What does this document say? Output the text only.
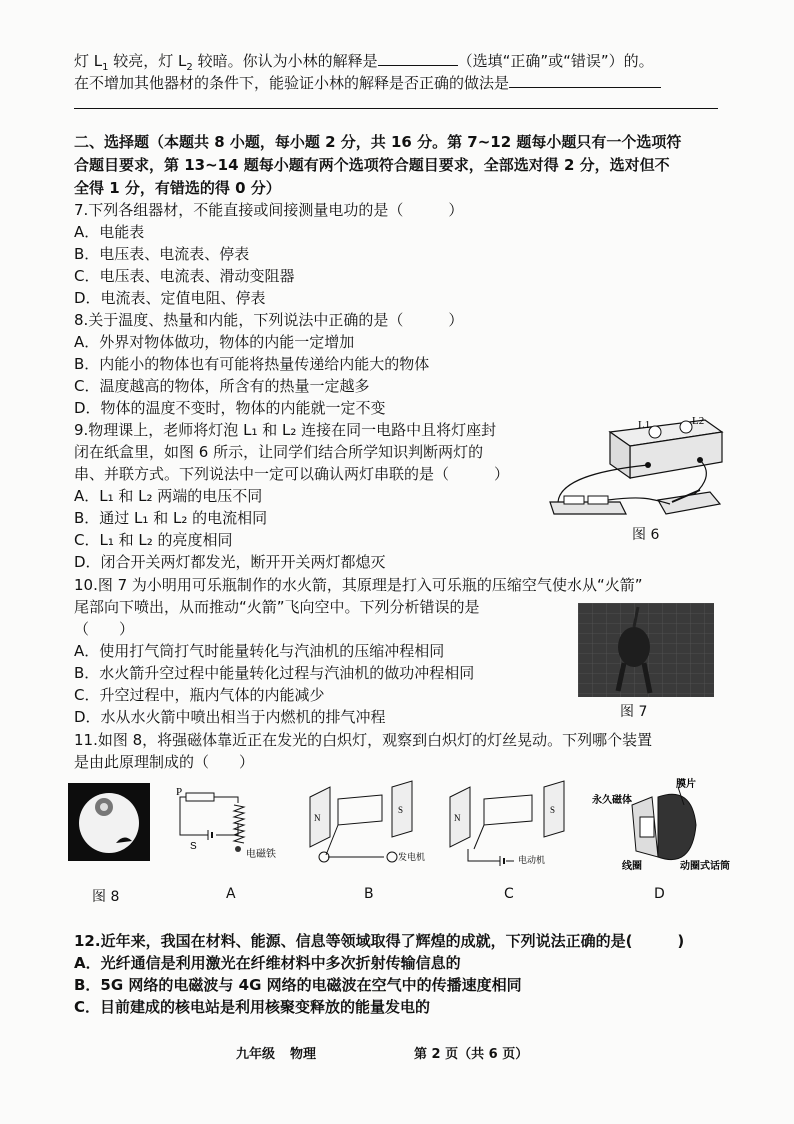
灯 $L_1$ 较亮，灯 $L_2$ 较暗。你认为小林的解释是	（选填“正确”或“错误”）的。
在不增加其他器材的条件下，能验证小林的解释是否正确的做法是
二、选择题（本题共 8 小题，每小题 2 分，共 16 分。第 7~12 题每小题只有一个选项符
合题目要求，第 13~14 题每小题有两个选项符合题目要求，全部选对得 2 分，选对但不
全得 1 分，有错选的得 0 分）
7.下列各组器材，不能直接或间接测量电功的是（　　　）
A．电能表
B．电压表、电流表、停表
C．电压表、电流表、滑动变阻器
D．电流表、定值电阻、停表
8.关于温度、热量和内能，下列说法中正确的是（　　　）
A．外界对物体做功，物体的内能一定增加
B．内能小的物体也有可能将热量传递给内能大的物体
C．温度越高的物体，所含有的热量一定越多
D．物体的温度不变时，物体的内能就一定不变
9.物理课上，老师将灯泡 L₁ 和 L₂ 连接在同一电路中且将灯座封
闭在纸盒里，如图 6 所示，让同学们结合所学知识判断两灯的
串、并联方式。下列说法中一定可以确认两灯串联的是（　　　）
A．L₁ 和 L₂ 两端的电压不同
B．通过 L₁ 和 L₂ 的电流相同
C．L₁ 和 L₂ 的亮度相同
D．闭合开关两灯都发光，断开开关两灯都熄灭
L1	L2
图 6
10.图 7 为小明用可乐瓶制作的水火箭，其原理是打入可乐瓶的压缩空气使水从“火箭”
尾部向下喷出，从而推动“火箭”飞向空中。下列分析错误的是
（　　）
A．使用打气筒打气时能量转化与汽油机的压缩冲程相同
B．水火箭升空过程中能量转化过程与汽油机的做功冲程相同
C．升空过程中，瓶内气体的内能减少
D．水从水火箭中喷出相当于内燃机的排气冲程	图 7
11.如图 8，将强磁体靠近正在发光的白炽灯，观察到白炽灯的灯丝晃动。下列哪个装置
是由此原理制成的（　　）
P
S
电磁铁
N
S
发电机
N
S
电动机
膜片
永久磁体
线圈	动圈式话筒
图 8	A	B	C	D
12.近年来，我国在材料、能源、信息等领域取得了辉煌的成就，下列说法正确的是(　　　)
A．光纤通信是利用激光在纤维材料中多次折射传输信息的
B．5G 网络的电磁波与 4G 网络的电磁波在空气中的传播速度相同
C．目前建成的核电站是利用核聚变释放的能量发电的
九年级 物理	第 2 页（共 6 页）
